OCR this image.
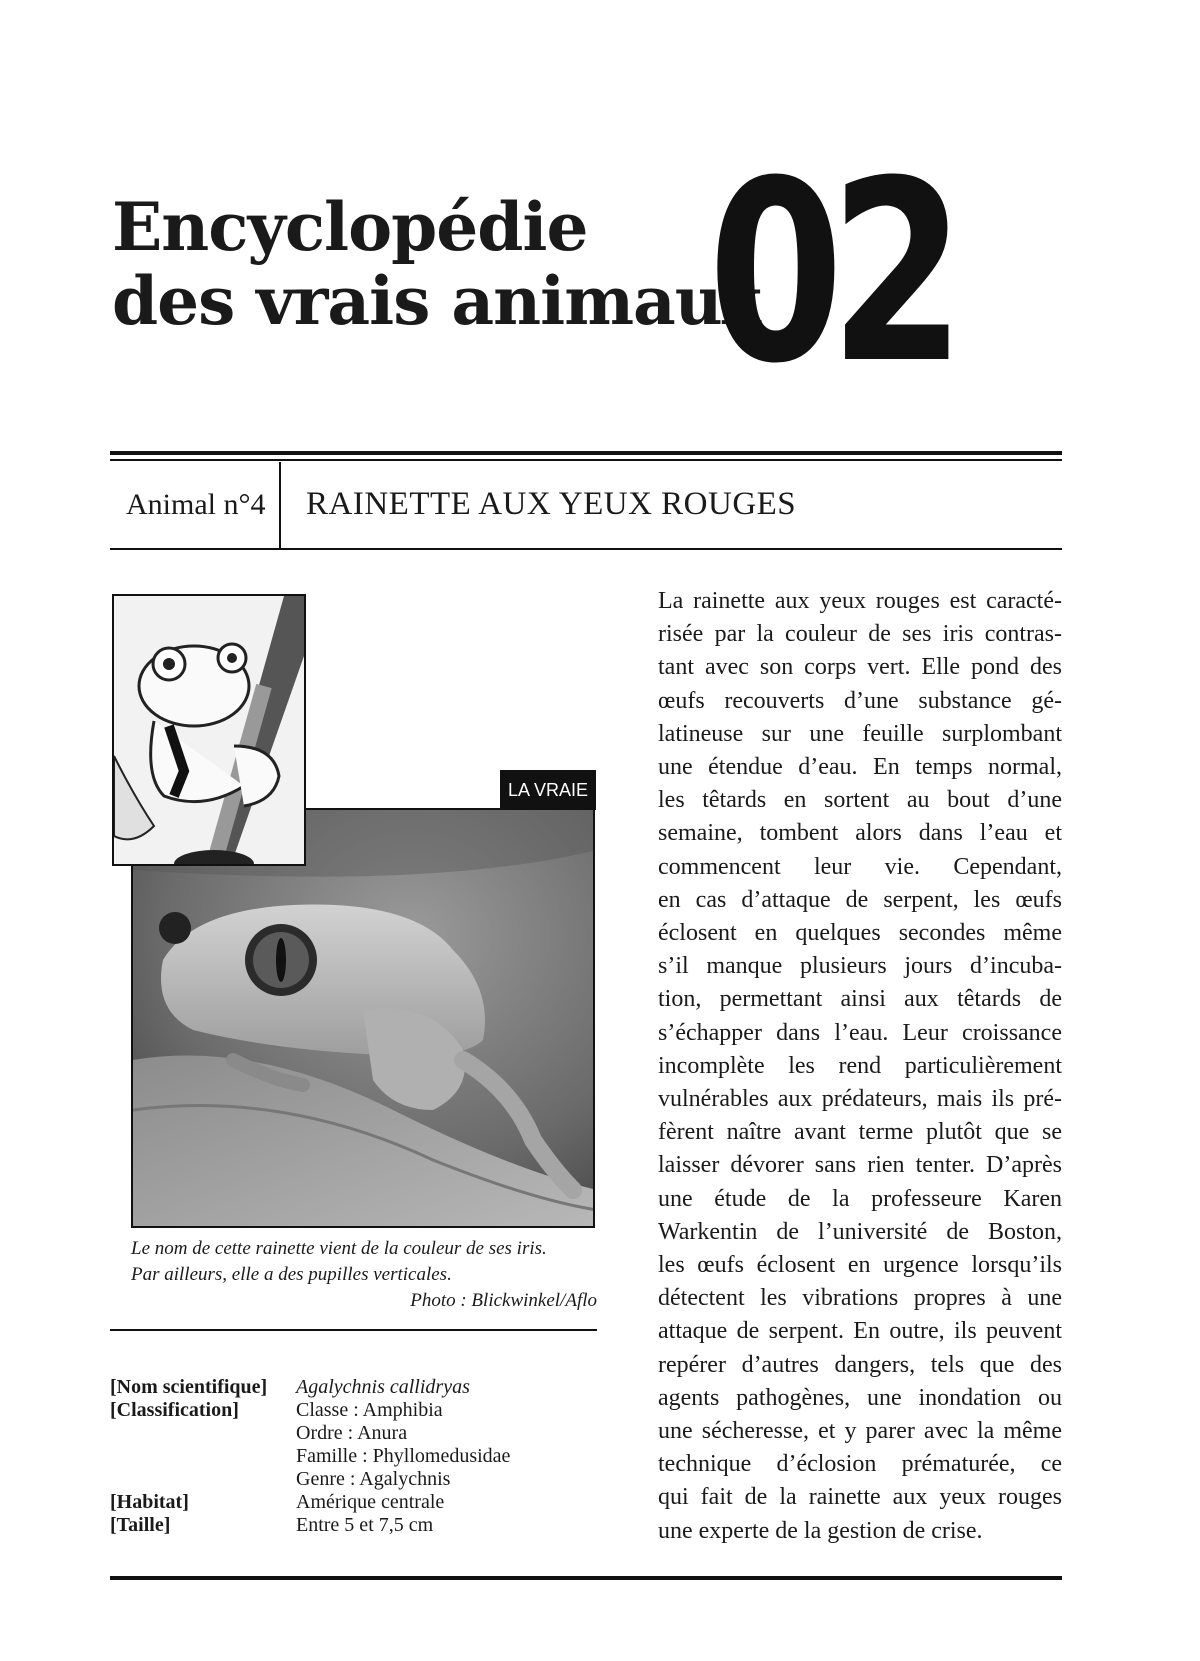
Encyclopédie
des vrais animaux
02
Animal n°4 RAINETTE AUX YEUX ROUGES
LA VRAIE
Le nom de cette rainette vient de la couleur de ses iris.
Par ailleurs, elle a des pupilles verticales.
Photo : Blickwinkel/Aflo
[Nom scientifique]	Agalychnis callidryas
[Classification]	Classe : Amphibia
Ordre : Anura
Famille : Phyllomedusidae
Genre : Agalychnis
[Habitat]	Amérique centrale
[Taille]	Entre 5 et 7,5 cm
La rainette aux yeux rouges est caracté-
risée par la couleur de ses iris contras-
tant avec son corps vert. Elle pond des
œufs recouverts d’une substance gé-
latineuse sur une feuille surplombant
une étendue d’eau. En temps normal,
les têtards en sortent au bout d’une
semaine, tombent alors dans l’eau et
commencent leur vie. Cependant,
en cas d’attaque de serpent, les œufs
éclosent en quelques secondes même
s’il manque plusieurs jours d’incuba-
tion, permettant ainsi aux têtards de
s’échapper dans l’eau. Leur croissance
incomplète les rend particulièrement
vulnérables aux prédateurs, mais ils pré-
fèrent naître avant terme plutôt que se
laisser dévorer sans rien tenter. D’après
une étude de la professeure Karen
Warkentin de l’université de Boston,
les œufs éclosent en urgence lorsqu’ils
détectent les vibrations propres à une
attaque de serpent. En outre, ils peuvent
repérer d’autres dangers, tels que des
agents pathogènes, une inondation ou
une sécheresse, et y parer avec la même
technique d’éclosion prématurée, ce
qui fait de la rainette aux yeux rouges
une experte de la gestion de crise.
